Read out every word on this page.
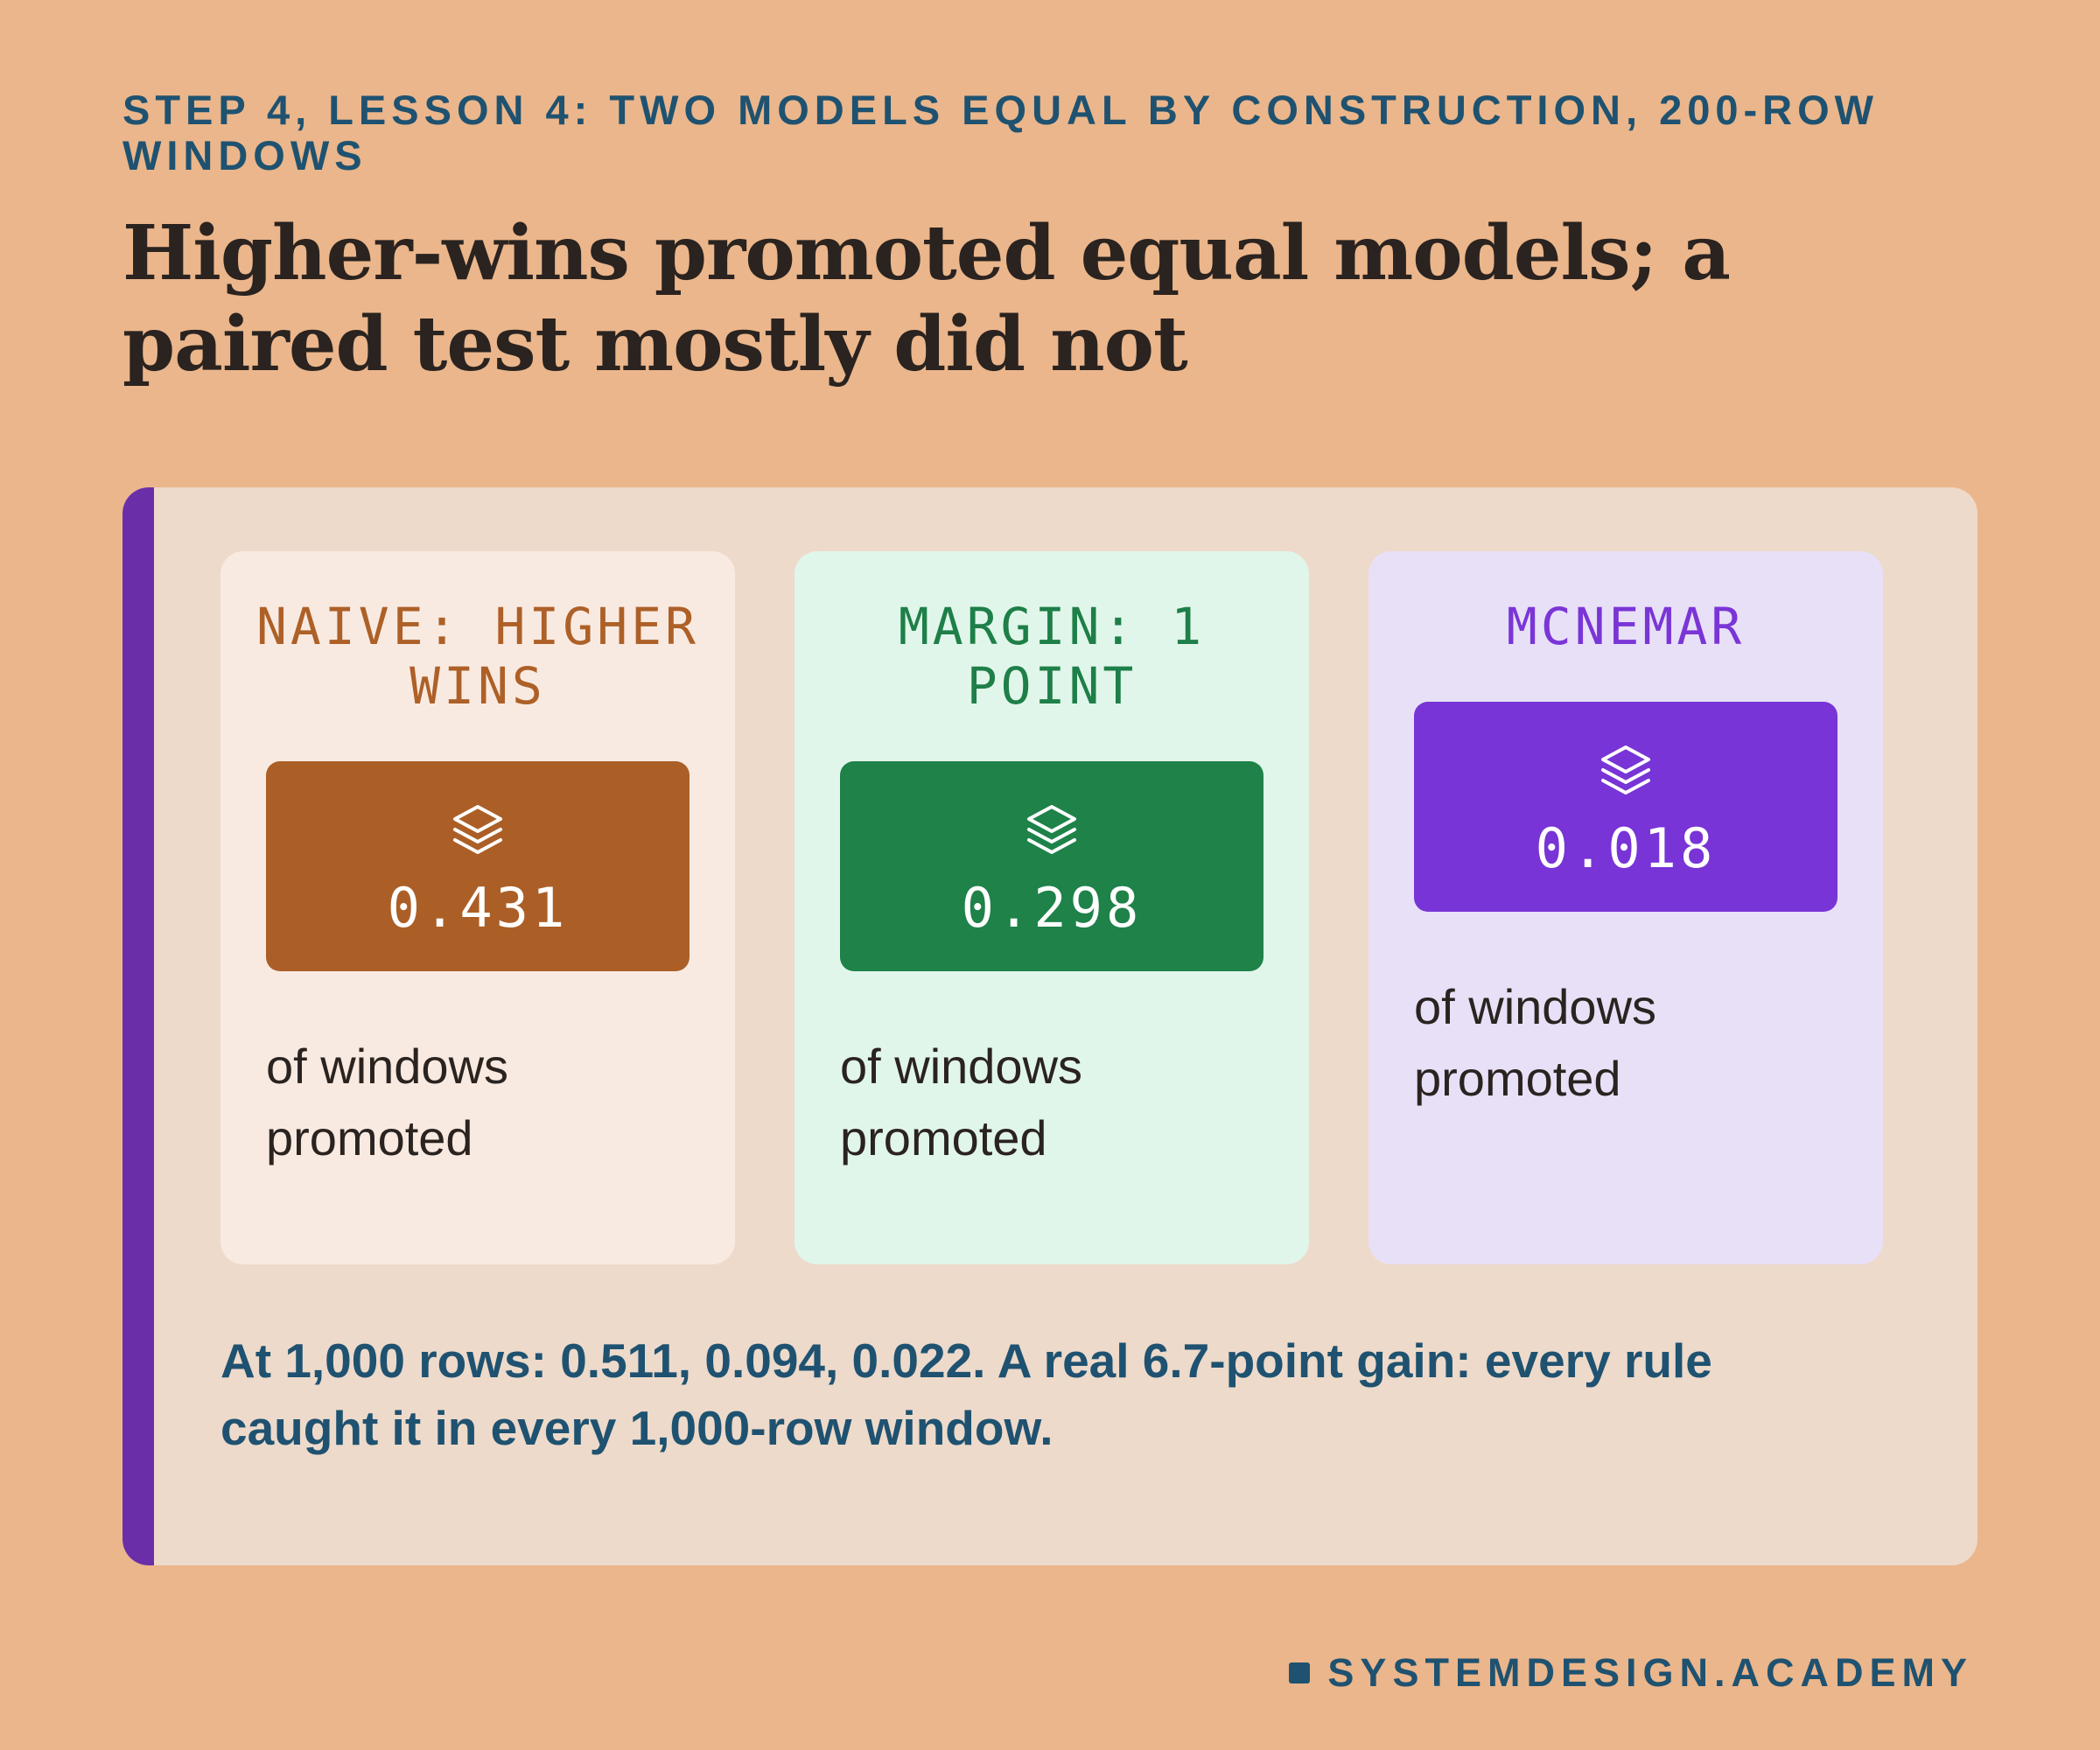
STEP 4, LESSON 4: TWO MODELS EQUAL BY CONSTRUCTION, 200-ROW WINDOWS

Higher-wins promoted equal models; a paired test mostly did not

NAIVE: HIGHER WINS

0.431

of windows promoted

MARGIN: 1 POINT

0.298

of windows promoted

MCNEMAR

0.018

of windows promoted

At 1,000 rows: 0.511, 0.094, 0.022. A real 6.7-point gain: every rule caught it in every 1,000-row window.

SYSTEMDESIGN.ACADEMY
